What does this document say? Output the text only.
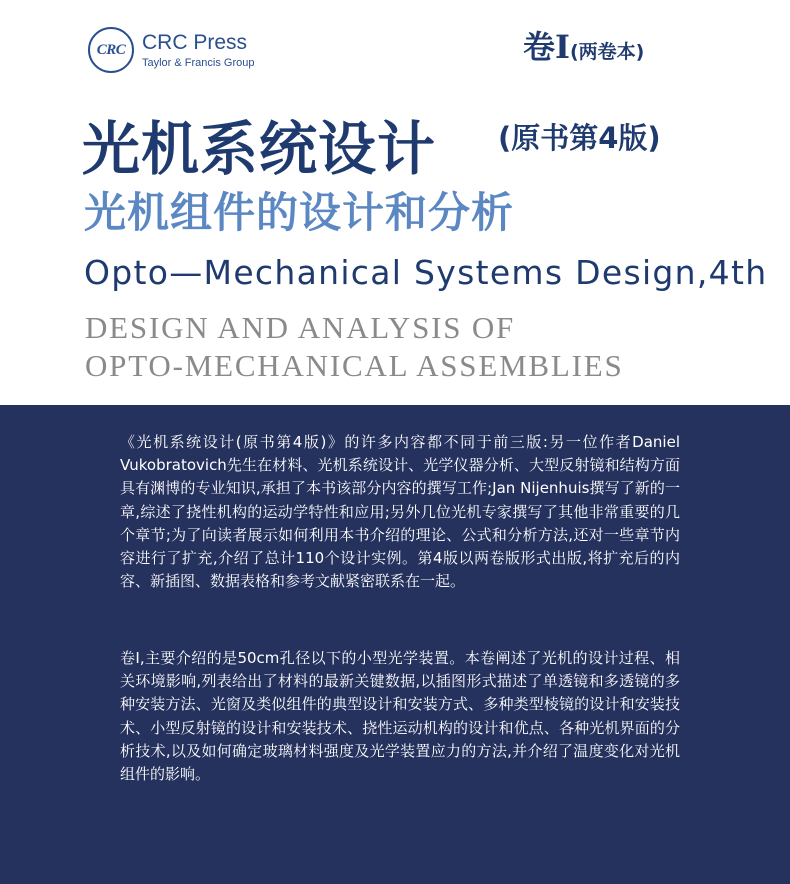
CRC CRC Press
Taylor & Francis Group	卷Ⅰ(两卷本)
光机系统设计 (原书第4版)
光机组件的设计和分析
Opto—Mechanical Systems Design,4th
DESIGN AND ANALYSIS OF
OPTO-MECHANICAL ASSEMBLIES

《光机系统设计(原书第4版)》的许多内容都不同于前三版:另一位作者Daniel Vukobratovich先生在材料、光机系统设计、光学仪器分析、大型反射镜和结构方面具有渊博的专业知识,承担了本书该部分内容的撰写工作;Jan Nijenhuis撰写了新的一章,综述了挠性机构的运动学特性和应用;另外几位光机专家撰写了其他非常重要的几个章节;为了向读者展示如何利用本书介绍的理论、公式和分析方法,还对一些章节内容进行了扩充,介绍了总计110个设计实例。第4版以两卷版形式出版,将扩充后的内容、新插图、数据表格和参考文献紧密联系在一起。

卷I,主要介绍的是50cm孔径以下的小型光学装置。本卷阐述了光机的设计过程、相关环境影响,列表给出了材料的最新关键数据,以插图形式描述了单透镜和多透镜的多种安装方法、光窗及类似组件的典型设计和安装方式、多种类型棱镜的设计和安装技术、小型反射镜的设计和安装技术、挠性运动机构的设计和优点、各种光机界面的分析技术,以及如何确定玻璃材料强度及光学装置应力的方法,并介绍了温度变化对光机组件的影响。
